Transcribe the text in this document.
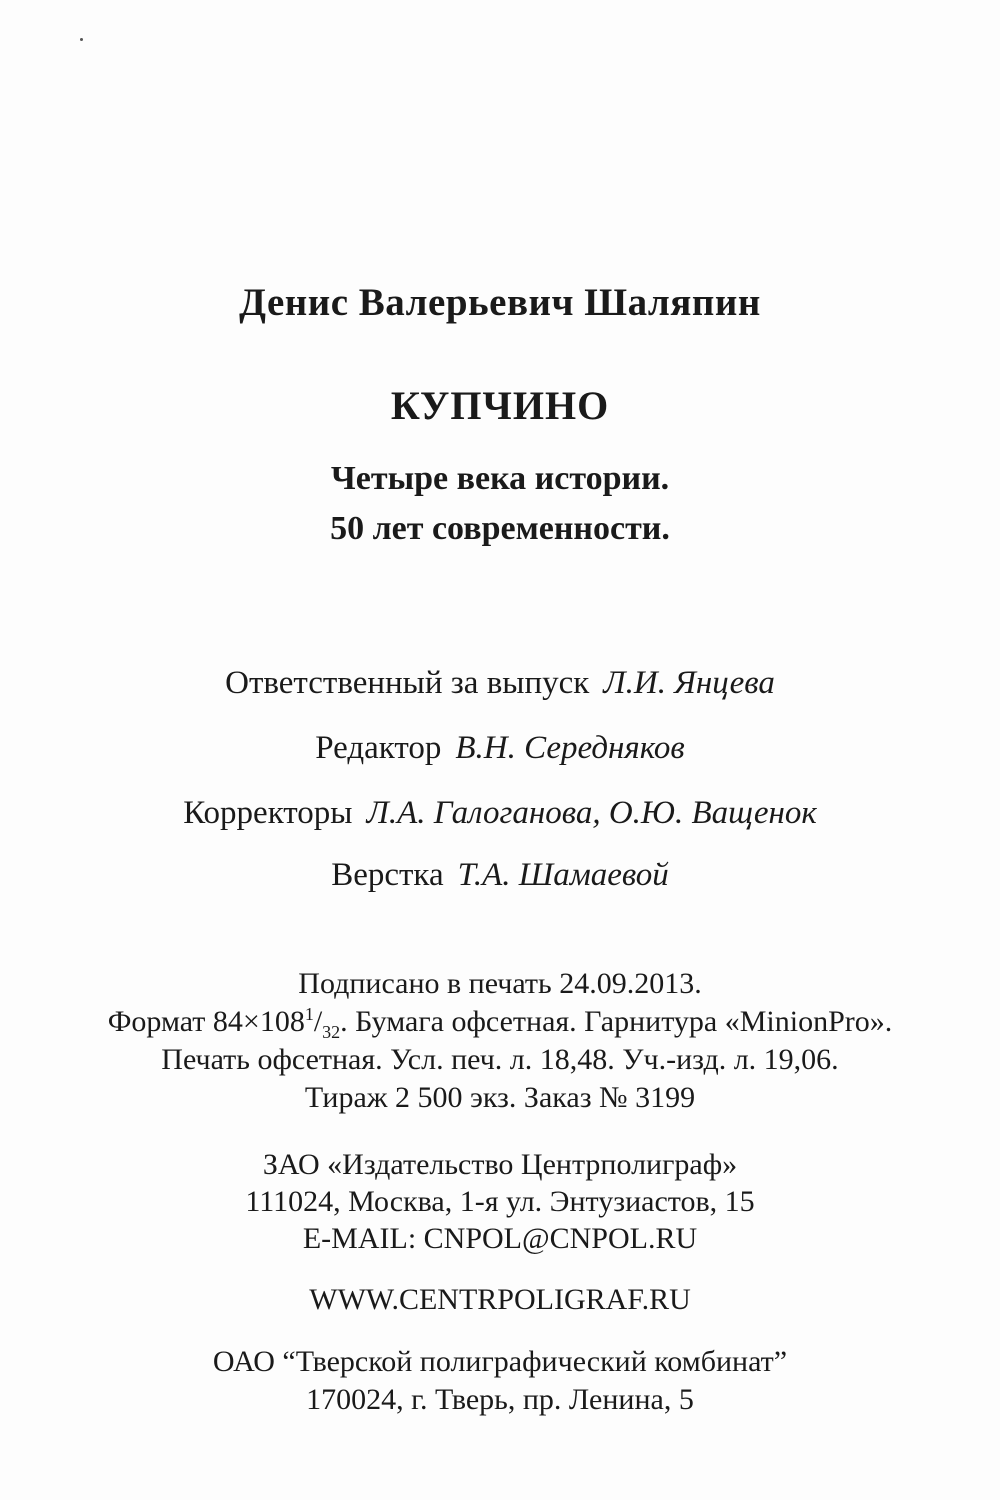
Денис Валерьевич Шаляпин
КУПЧИНО
Четыре века истории.
50 лет современности.
Ответственный за выпуск Л.И. Янцева
Редактор В.Н. Середняков
Корректоры Л.А. Галоганова, О.Ю. Ващенок
Верстка Т.А. Шамаевой
Подписано в печать 24.09.2013.
Формат $84\times 108^1/_{32}$. Бумага офсетная. Гарнитура «MinionPro».
Печать офсетная. Усл. печ. л. 18,48. Уч.-изд. л. 19,06.
Тираж 2 500 экз. Заказ № 3199
ЗАО «Издательство Центрполиграф»
111024, Москва, 1-я ул. Энтузиастов, 15
E-MAIL: CNPOL@CNPOL.RU
WWW.CENTRPOLIGRAF.RU
ОАО “Тверской полиграфический комбинат”
170024, г. Тверь, пр. Ленина, 5
